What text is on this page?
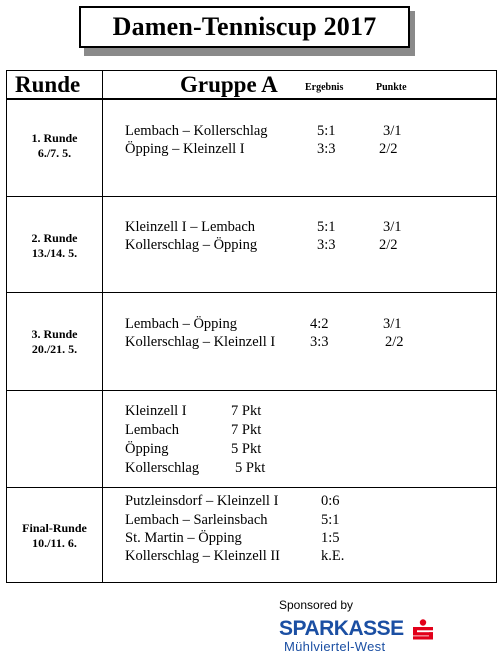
Damen-Tenniscup 2017
Runde	Gruppe A	Ergebnis	Punkte
1. Runde
6./7. 5.
Lembach – Kollerschlag	5:1	3/1
Öpping – Kleinzell I	3:3	2/2
2. Runde
13./14. 5.
Kleinzell I – Lembach	5:1	3/1
Kollerschlag – Öpping	3:3	2/2
3. Runde
20./21. 5.
Lembach – Öpping	4:2	3/1
Kollerschlag – Kleinzell I 3:3	2/2
Kleinzell I	7 Pkt
Lembach	7 Pkt
Öpping	5 Pkt
Kollerschlag 5 Pkt
Final-Runde
10./11. 6.
Putzleinsdorf – Kleinzell I	0:6
Lembach – Sarleinsbach	5:1
St. Martin – Öpping	1:5
Kollerschlag – Kleinzell II	k.E.
Sponsored by
SPARKASSE
Mühlviertel-West
